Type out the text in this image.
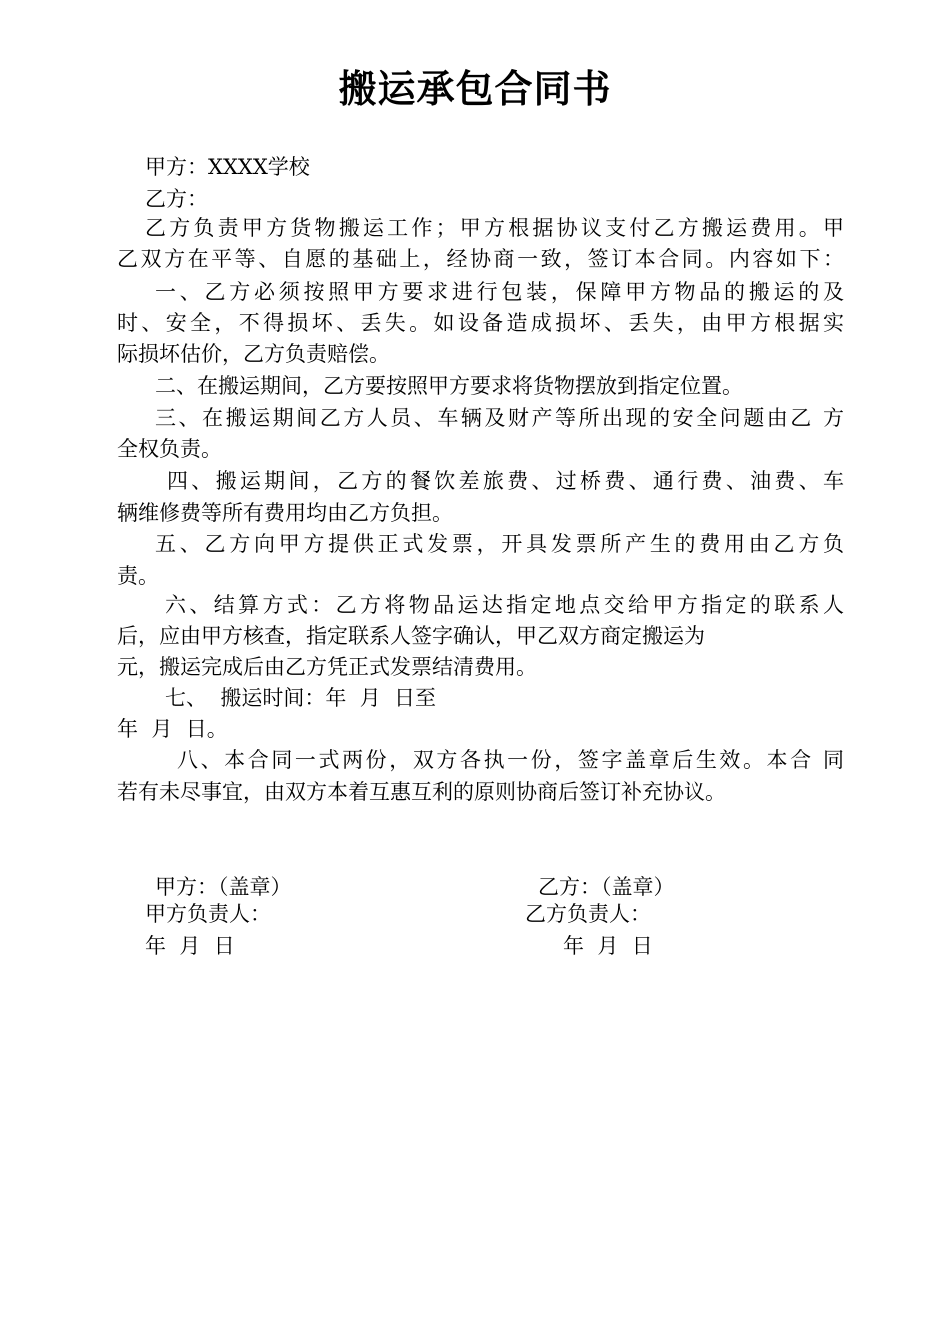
搬运承包合同书
甲方：XXXX学校
乙方：
乙方负责甲方货物搬运工作；甲方根据协议支付乙方搬运费用。甲
乙双方在平等、自愿的基础上，经协商一致，签订本合同。内容如下：
一、乙方必须按照甲方要求进行包装，保障甲方物品的搬运的及
时、安全，不得损坏、丢失。如设备造成损坏、丢失，由甲方根据实
际损坏估价，乙方负责赔偿。
二、在搬运期间，乙方要按照甲方要求将货物摆放到指定位置。
三、在搬运期间乙方人员、车辆及财产等所出现的安全问题由乙 方
全权负责。
四、搬运期间，乙方的餐饮差旅费、过桥费、通行费、油费、车
辆维修费等所有费用均由乙方负担。
五、乙方向甲方提供正式发票，开具发票所产生的费用由乙方负
责。
六、结算方式：乙方将物品运达指定地点交给甲方指定的联系人
后，应由甲方核查，指定联系人签字确认，甲乙双方商定搬运为
元，搬运完成后由乙方凭正式发票结清费用。
七、  搬运时间：年  月  日至
年  月  日。
八、本合同一式两份，双方各执一份，签字盖章后生效。本合 同
若有未尽事宜，由双方本着互惠互利的原则协商后签订补充协议。
甲方：（盖章）	乙方：（盖章）
甲方负责人：	乙方负责人：
年  月  日	年  月  日
